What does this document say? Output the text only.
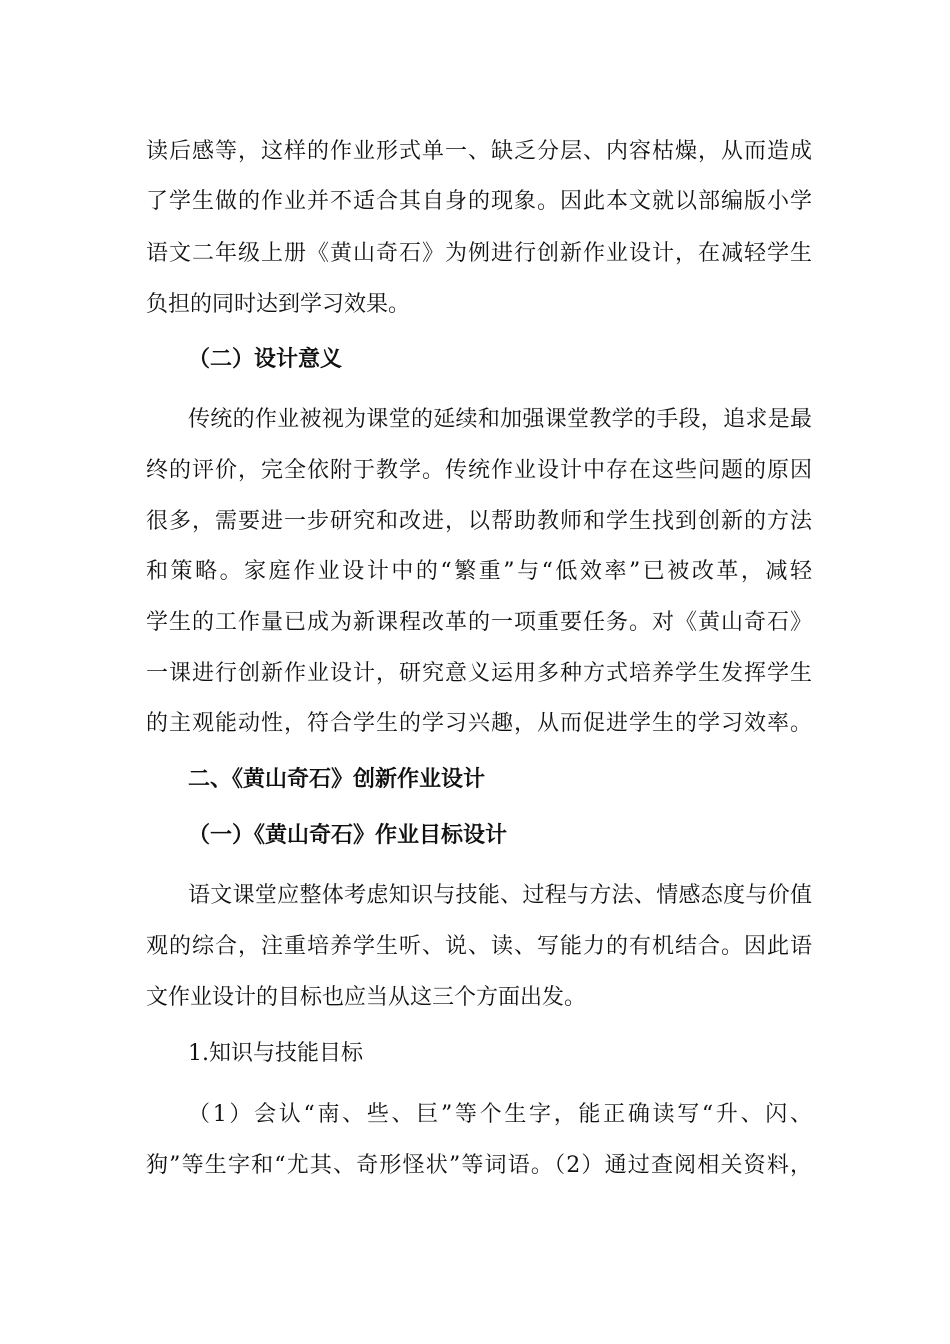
读后感等，这样的作业形式单一、缺乏分层、内容枯燥，从而造成
了学生做的作业并不适合其自身的现象。因此本文就以部编版小学
语文二年级上册《黄山奇石》为例进行创新作业设计，在减轻学生
负担的同时达到学习效果。
（二）设计意义
传统的作业被视为课堂的延续和加强课堂教学的手段，追求是最
终的评价，完全依附于教学。传统作业设计中存在这些问题的原因
很多，需要进一步研究和改进，以帮助教师和学生找到创新的方法
和策略。家庭作业设计中的“繁重”与“低效率”已被改革，减轻
学生的工作量已成为新课程改革的一项重要任务。对《黄山奇石》
一课进行创新作业设计，研究意义运用多种方式培养学生发挥学生
的主观能动性，符合学生的学习兴趣，从而促进学生的学习效率。
二、《黄山奇石》创新作业设计
（一）《黄山奇石》作业目标设计
语文课堂应整体考虑知识与技能、过程与方法、情感态度与价值
观的综合，注重培养学生听、说、读、写能力的有机结合。因此语
文作业设计的目标也应当从这三个方面出发。
1.知识与技能目标
（1）会认“南、些、巨”等个生字，能正确读写“升、闪、
狗”等生字和“尤其、奇形怪状”等词语。（2）通过查阅相关资料，
